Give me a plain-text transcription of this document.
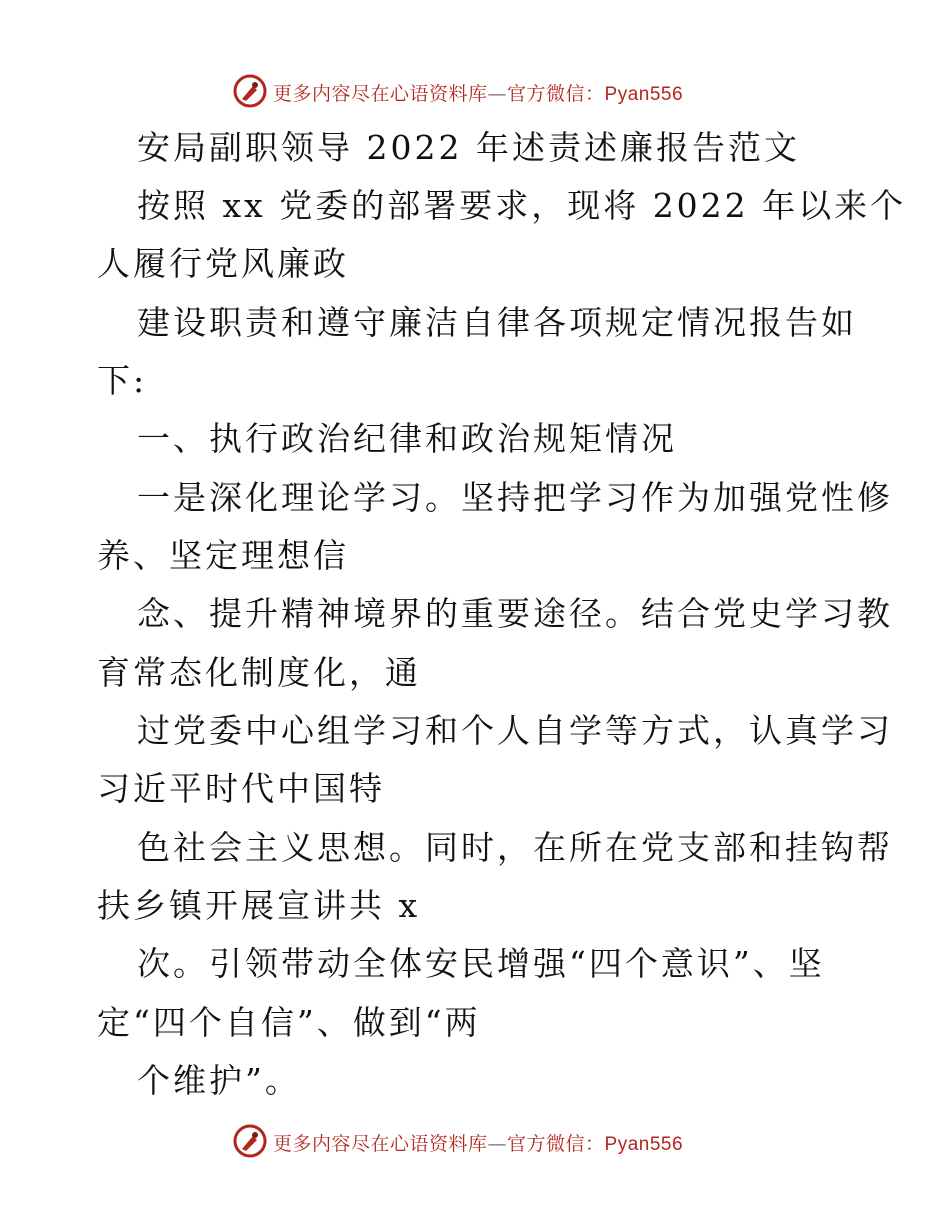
更多内容尽在心语资料库—官方微信：Pyan556
安局副职领导 2022 年述责述廉报告范文
按照 xx 党委的部署要求，现将 2022 年以来个
人履行党风廉政
建设职责和遵守廉洁自律各项规定情况报告如
下:
一、执行政治纪律和政治规矩情况
一是深化理论学习。坚持把学习作为加强党性修
养、坚定理想信
念、提升精神境界的重要途径。结合党史学习教
育常态化制度化，通
过党委中心组学习和个人自学等方式，认真学习
习近平时代中国特
色社会主义思想。同时，在所在党支部和挂钩帮
扶乡镇开展宣讲共 x
次。引领带动全体安民增强“四个意识”、坚
定“四个自信”、做到“两
个维护”。
更多内容尽在心语资料库—官方微信：Pyan556
